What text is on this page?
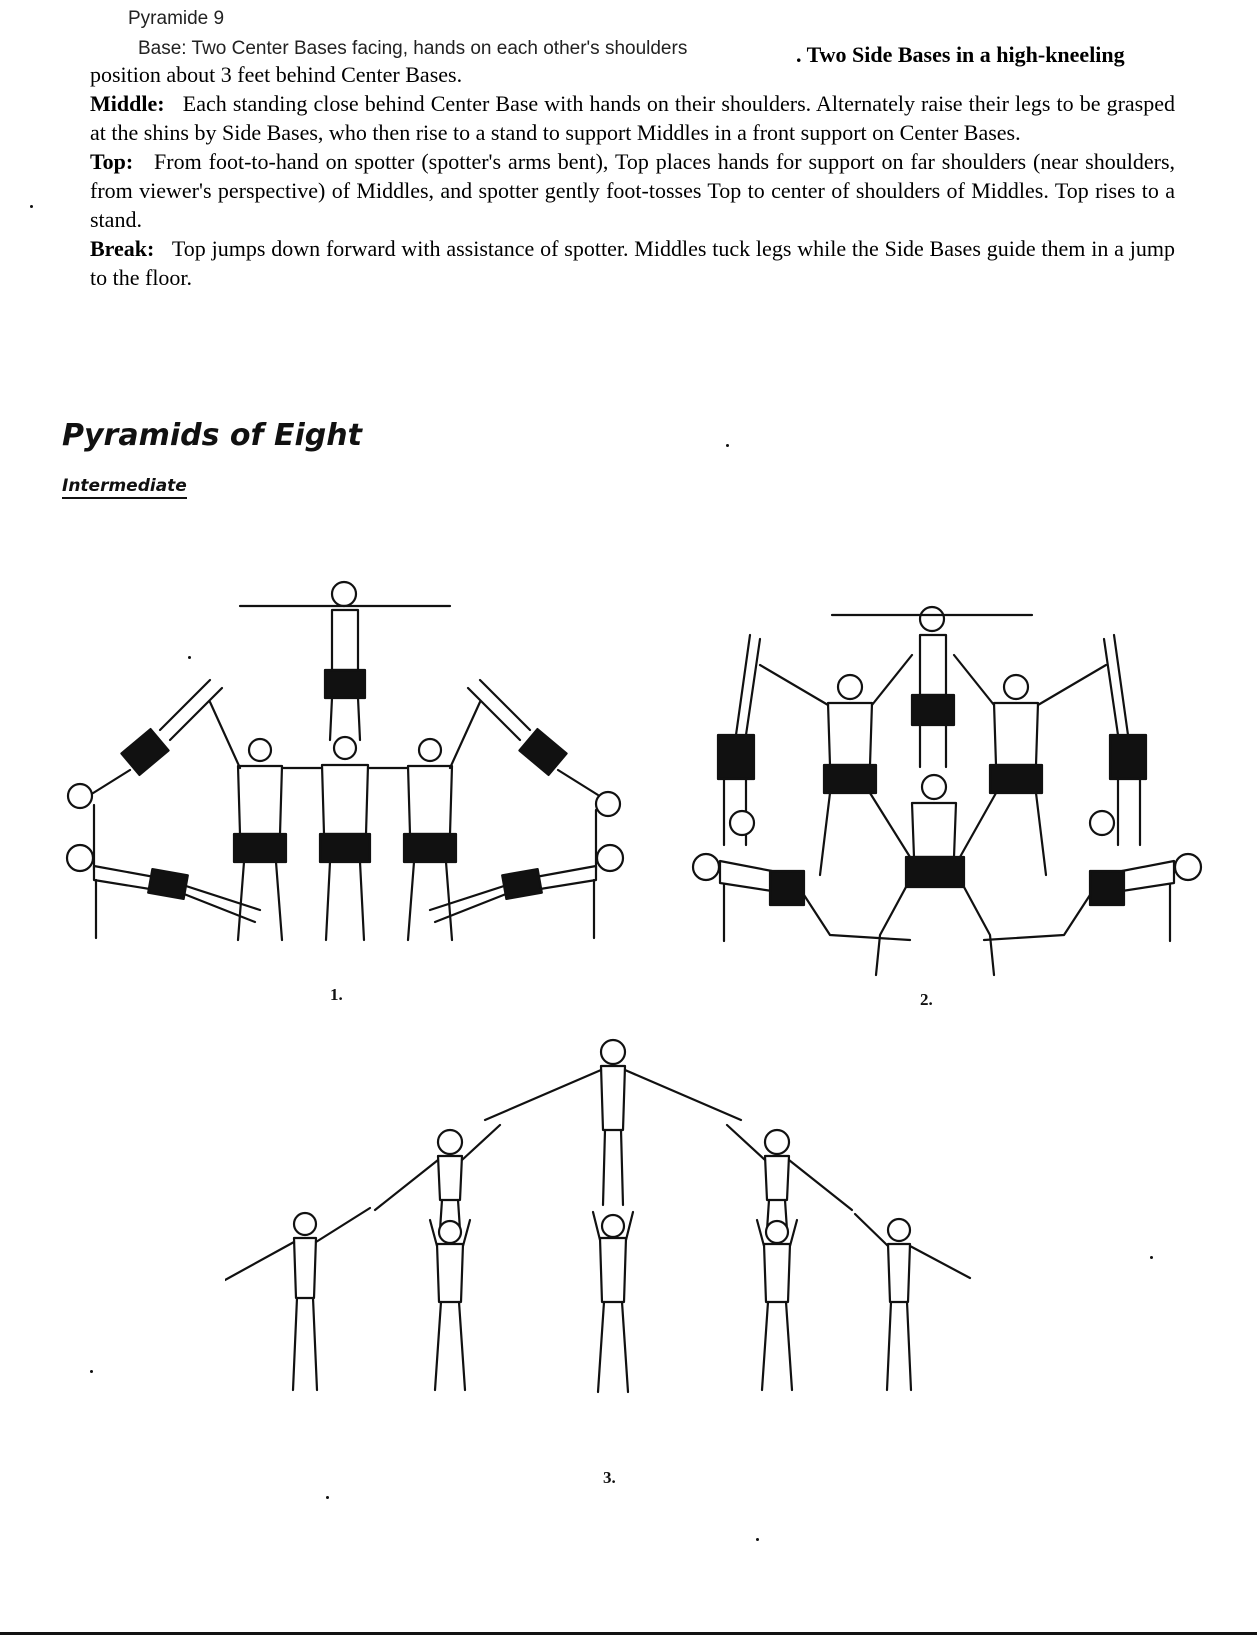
Pyramide 9
Base: Two Center Bases facing, hands on each other's shoulders	. Two Side Bases in a high-kneeling

position about 3 feet behind Center Bases.

Middle: Each standing close behind Center Base with hands on their shoulders. Alternately raise their legs to be grasped at the shins by Side Bases, who then rise to a stand to support Middles in a front support on Center Bases.

Top: From foot-to-hand on spotter (spotter's arms bent), Top places hands for support on far shoulders (near shoulders, from viewer's perspective) of Middles, and spotter gently foot-tosses Top to center of shoulders of Middles. Top rises to a stand.

Break: Top jumps down forward with assistance of spotter. Middles tuck legs while the Side Bases guide them in a jump to the floor.

Pyramids of Eight
Intermediate
1.	2.
3.
